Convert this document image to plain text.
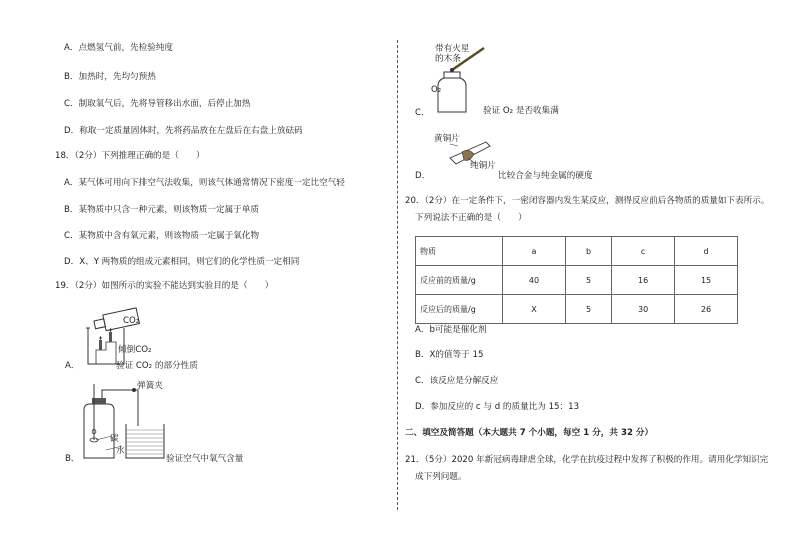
A．点燃氢气前，先检验纯度
B．加热时，先均匀预热
C．制取氧气后，先将导管移出水面，后停止加热
D．称取一定质量固体时，先将药品放在左盘后在右盘上放砝码
18．（2分）下列推理正确的是（　　）
A．某气体可用向下排空气法收集，则该气体通常情况下密度一定比空气轻
B．某物质中只含一种元素，则该物质一定属于单质
C．某物质中含有氧元素，则该物质一定属于氧化物
D．X、Y 两物质的组成元素相同，则它们的化学性质一定相同
19．（2分）如图所示的实验不能达到实验目的是（　　）
CO₂
倾倒CO₂
A．	验证 CO₂ 的部分性质
弹簧夹
碳
水
B．	验证空气中氧气含量
带有火星
的木条
O₂
C．	验证 O₂ 是否收集满
黄铜片
纯铜片
D．	比较合金与纯金属的硬度
20．（2分）在一定条件下，一密闭容器内发生某反应，测得反应前后各物质的质量如下表所示。
下列说法不正确的是（　　）
物质	a	b	c	d
反应前的质量/g	40	5	16	15
反应后的质量/g	X	5	30	26
A．b可能是催化剂
B．X的值等于 15
C．该反应是分解反应
D．参加反应的 c 与 d 的质量比为 15：13
二、填空及简答题（本大题共 7 个小题，每空 1 分，共 32 分）
21．（5分）2020 年新冠病毒肆虐全球，化学在抗疫过程中发挥了积极的作用。请用化学知识完
成下列问题。
